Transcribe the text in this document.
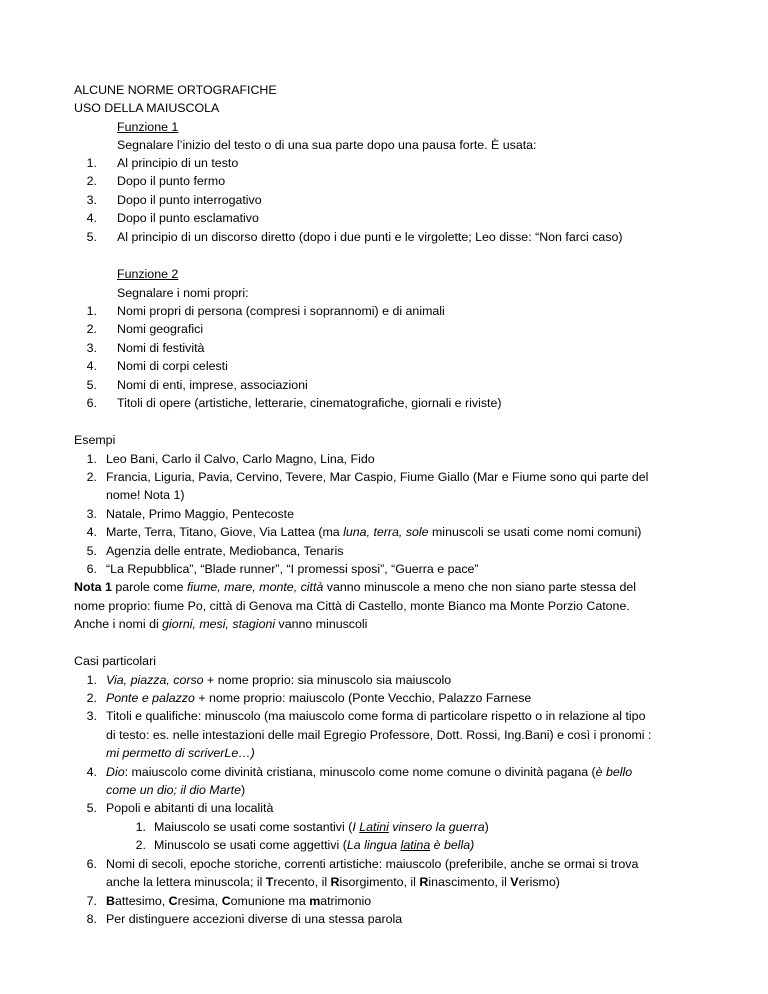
ALCUNE NORME ORTOGRAFICHE
USO DELLA MAIUSCOLA
Funzione 1
Segnalare l’inizio del testo o di una sua parte dopo una pausa forte. È usata:
1. Al principio di un testo
2. Dopo il punto fermo
3. Dopo il punto interrogativo
4. Dopo il punto esclamativo
5. Al principio di un discorso diretto (dopo i due punti e le virgolette; Leo disse: “Non farci caso)
Funzione 2
Segnalare i nomi propri:
1. Nomi propri di persona (compresi i soprannomi) e di animali
2. Nomi geografici
3. Nomi di festività
4. Nomi di corpi celesti
5. Nomi di enti, imprese, associazioni
6. Titoli di opere (artistiche, letterarie, cinematografiche, giornali e riviste)
Esempi
1. Leo Bani, Carlo il Calvo, Carlo Magno, Lina, Fido
2. Francia, Liguria, Pavia, Cervino, Tevere, Mar Caspio, Fiume Giallo (Mar e Fiume sono qui parte del
nome! Nota 1)
3. Natale, Primo Maggio, Pentecoste
4. Marte, Terra, Titano, Giove, Via Lattea (ma luna, terra, sole minuscoli se usati come nomi comuni)
5. Agenzia delle entrate, Mediobanca, Tenaris
6. “La Repubblica”, “Blade runner”, “I promessi sposi”, “Guerra e pace”
Nota 1 parole come fiume, mare, monte, città vanno minuscole a meno che non siano parte stessa del
nome proprio: fiume Po, città di Genova ma Città di Castello, monte Bianco ma Monte Porzio Catone.
Anche i nomi di giorni, mesi, stagioni vanno minuscoli
Casi particolari
1. Via, piazza, corso + nome proprio: sia minuscolo sia maiuscolo
2. Ponte e palazzo + nome proprio: maiuscolo (Ponte Vecchio, Palazzo Farnese
3. Titoli e qualifiche: minuscolo (ma maiuscolo come forma di particolare rispetto o in relazione al tipo
di testo: es. nelle intestazioni delle mail Egregio Professore, Dott. Rossi, Ing.Bani) e così i pronomi :
mi permetto di scriverLe…)
4. Dio: maiuscolo come divinità cristiana, minuscolo come nome comune o divinità pagana (è bello
come un dio; il dio Marte)
5. Popoli e abitanti di una località
1. Maiuscolo se usati come sostantivi (I Latini vinsero la guerra)
2. Minuscolo se usati come aggettivi (La lingua latina è bella)
6. Nomi di secoli, epoche storiche, correnti artistiche: maiuscolo (preferibile, anche se ormai si trova
anche la lettera minuscola; il Trecento, il Risorgimento, il Rinascimento, il Verismo)
7. Battesimo, Cresima, Comunione ma matrimonio
8. Per distinguere accezioni diverse di una stessa parola
